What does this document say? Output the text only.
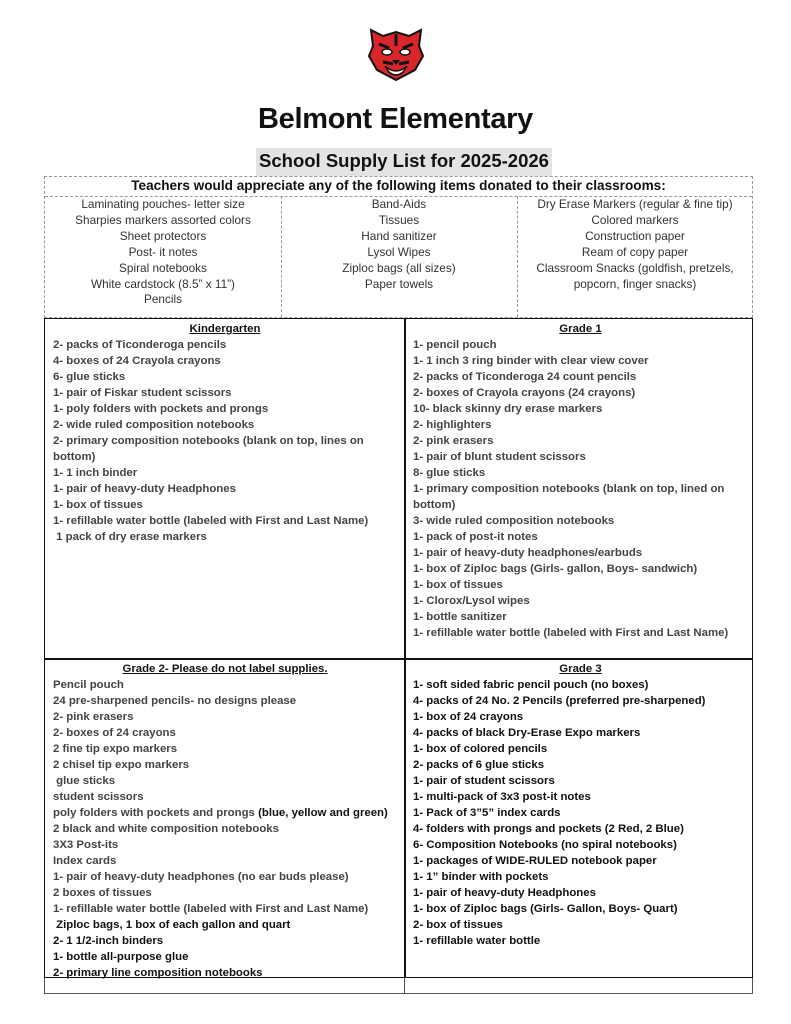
Belmont Elementary
School Supply List for 2025-2026
Teachers would appreciate any of the following items donated to their classrooms:
Laminating pouches- letter size
Sharpies markers assorted colors
Sheet protectors
Post- it notes
Spiral notebooks
White cardstock (8.5” x 11”)
Pencils
Band-Aids
Tissues
Hand sanitizer
Lysol Wipes
Ziploc bags (all sizes)
Paper towels
Dry Erase Markers (regular & fine tip)
Colored markers
Construction paper
Ream of copy paper
Classroom Snacks (goldfish, pretzels, popcorn, finger snacks)
Kindergarten
2- packs of Ticonderoga pencils
4- boxes of 24 Crayola crayons
6- glue sticks
1- pair of Fiskar student scissors
1- poly folders with pockets and prongs
2- wide ruled composition notebooks
2- primary composition notebooks (blank on top, lines on bottom)
1- 1 inch binder
1- pair of heavy-duty Headphones
1- box of tissues
1- refillable water bottle (labeled with First and Last Name)
1 pack of dry erase markers
Grade 1
1- pencil pouch
1- 1 inch 3 ring binder with clear view cover
2- packs of Ticonderoga 24 count pencils
2- boxes of Crayola crayons (24 crayons)
10- black skinny dry erase markers
2- highlighters
2- pink erasers
1- pair of blunt student scissors
8- glue sticks
1- primary composition notebooks (blank on top, lined on bottom)
3- wide ruled composition notebooks
1- pack of post-it notes
1- pair of heavy-duty headphones/earbuds
1- box of Ziploc bags (Girls- gallon, Boys- sandwich)
1- box of tissues
1- Clorox/Lysol wipes
1- bottle sanitizer
1- refillable water bottle (labeled with First and Last Name)
Grade 2- Please do not label supplies.
Pencil pouch
24 pre-sharpened pencils- no designs please
2- pink erasers
2- boxes of 24 crayons
2 fine tip expo markers
2 chisel tip expo markers
glue sticks
student scissors
poly folders with pockets and prongs (blue, yellow and green)
2 black and white composition notebooks
3X3 Post-its
Index cards
1- pair of heavy-duty headphones (no ear buds please)
2 boxes of tissues
1- refillable water bottle (labeled with First and Last Name)
Ziploc bags, 1 box of each gallon and quart
2- 1 1/2-inch binders
1- bottle all-purpose glue
2- primary line composition notebooks
Grade 3
1- soft sided fabric pencil pouch (no boxes)
4- packs of 24 No. 2 Pencils (preferred pre-sharpened)
1- box of 24 crayons
4- packs of black Dry-Erase Expo markers
1- box of colored pencils
2- packs of 6 glue sticks
1- pair of student scissors
1- multi-pack of 3x3 post-it notes
1- Pack of 3”5” index cards
4- folders with prongs and pockets (2 Red, 2 Blue)
6- Composition Notebooks (no spiral notebooks)
1- packages of WIDE-RULED notebook paper
1- 1” binder with pockets
1- pair of heavy-duty Headphones
1- box of Ziploc bags (Girls- Gallon, Boys- Quart)
2- box of tissues
1- refillable water bottle
